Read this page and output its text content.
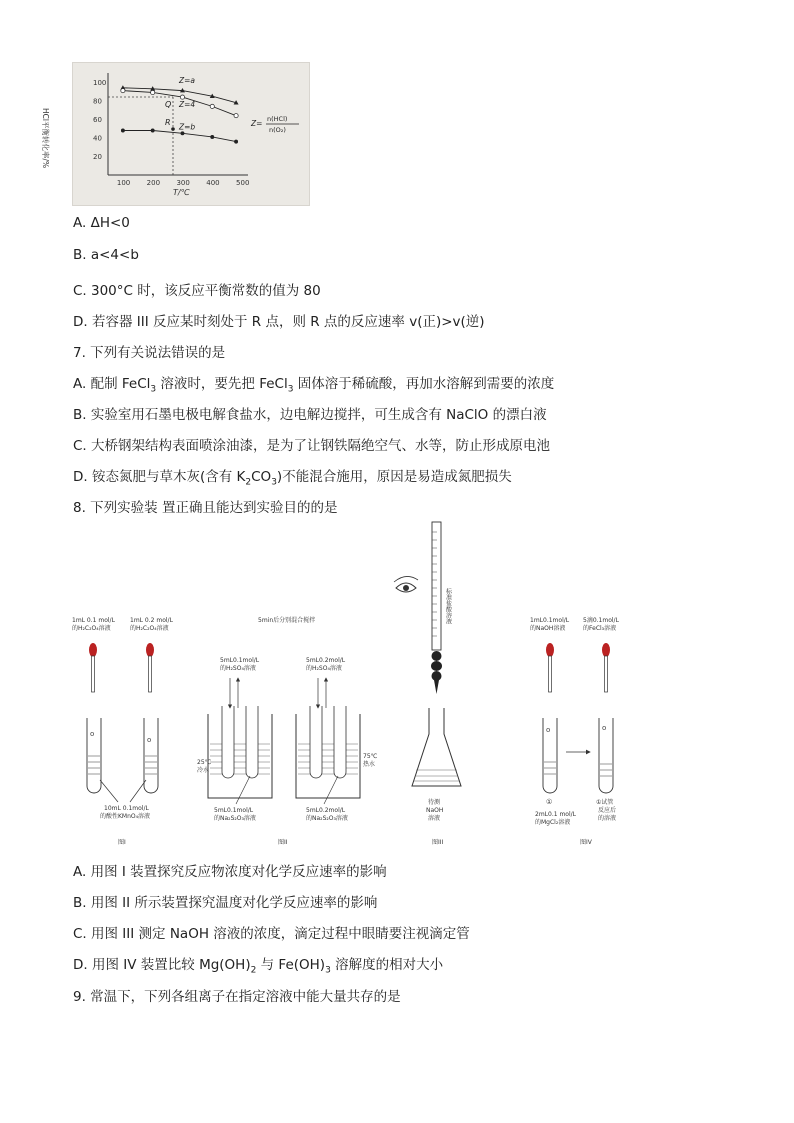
100
80
60
40
20
100 200 300 400 500
HCl平衡转化率/%
T/℃
Z=a
Z=4
Z=b
Q
R	Z= n(HCl)
n(O₂)
A. ΔH<0
B. a<4<b
C. 300°C 时，该反应平衡常数的值为 80
D. 若容器 III 反应某时刻处于 R 点，则 R 点的反应速率 v(正)>v(逆)
7. 下列有关说法错误的是
A. 配制 FeCl$_3$ 溶液时，要先把 FeCl$_3$ 固体溶于稀硫酸，再加水溶解到需要的浓度
B. 实验室用石墨电极电解食盐水，边电解边搅拌，可生成含有 NaClO 的漂白液
C. 大桥钢架结构表面喷涂油漆，是为了让钢铁隔绝空气、水等，防止形成原电池
D. 铵态氮肥与草木灰(含有 $K_2CO_3$)不能混合施用，原因是易造成氮肥损失
8. 下列实验装 置正确且能达到实验目的的是
A. 用图 I 装置探究反应物浓度对化学反应速率的影响
B. 用图 II 所示装置探究温度对化学反应速率的影响
C. 用图 III 测定 NaOH 溶液的浓度，滴定过程中眼睛要注视滴定管
D. 用图 IV 装置比较 $Mg(OH)_2$ 与 $Fe(OH)_3$ 溶解度的相对大小
9. 常温下，下列各组离子在指定溶液中能大量共存的是
1mL 0.1 mol/L
的H₂C₂O₄溶液
1mL 0.2 mol/L
的H₂C₂O₄溶液
o
o
10mL 0.1mol/L
的酸性KMnO₄溶液
图I
5min后分别混合搅拌
5mL0.1mol/L
的H₂SO₄溶液
5mL0.2mol/L
的H₂SO₄溶液
25℃
冷水
75℃
热水
5mL0.1mol/L
的Na₂S₂O₃溶液
5mL0.2mol/L
的Na₂S₂O₃溶液
图II
标准盐酸溶液
待测
NaOH
溶液
图III
1mL0.1mol/L
的NaOH溶液
5滴0.1mol/L
的FeCl₃溶液
o	o
①	①试管
反应后
的溶液
2mL0.1 mol/L
的MgCl₂溶液
图IV
